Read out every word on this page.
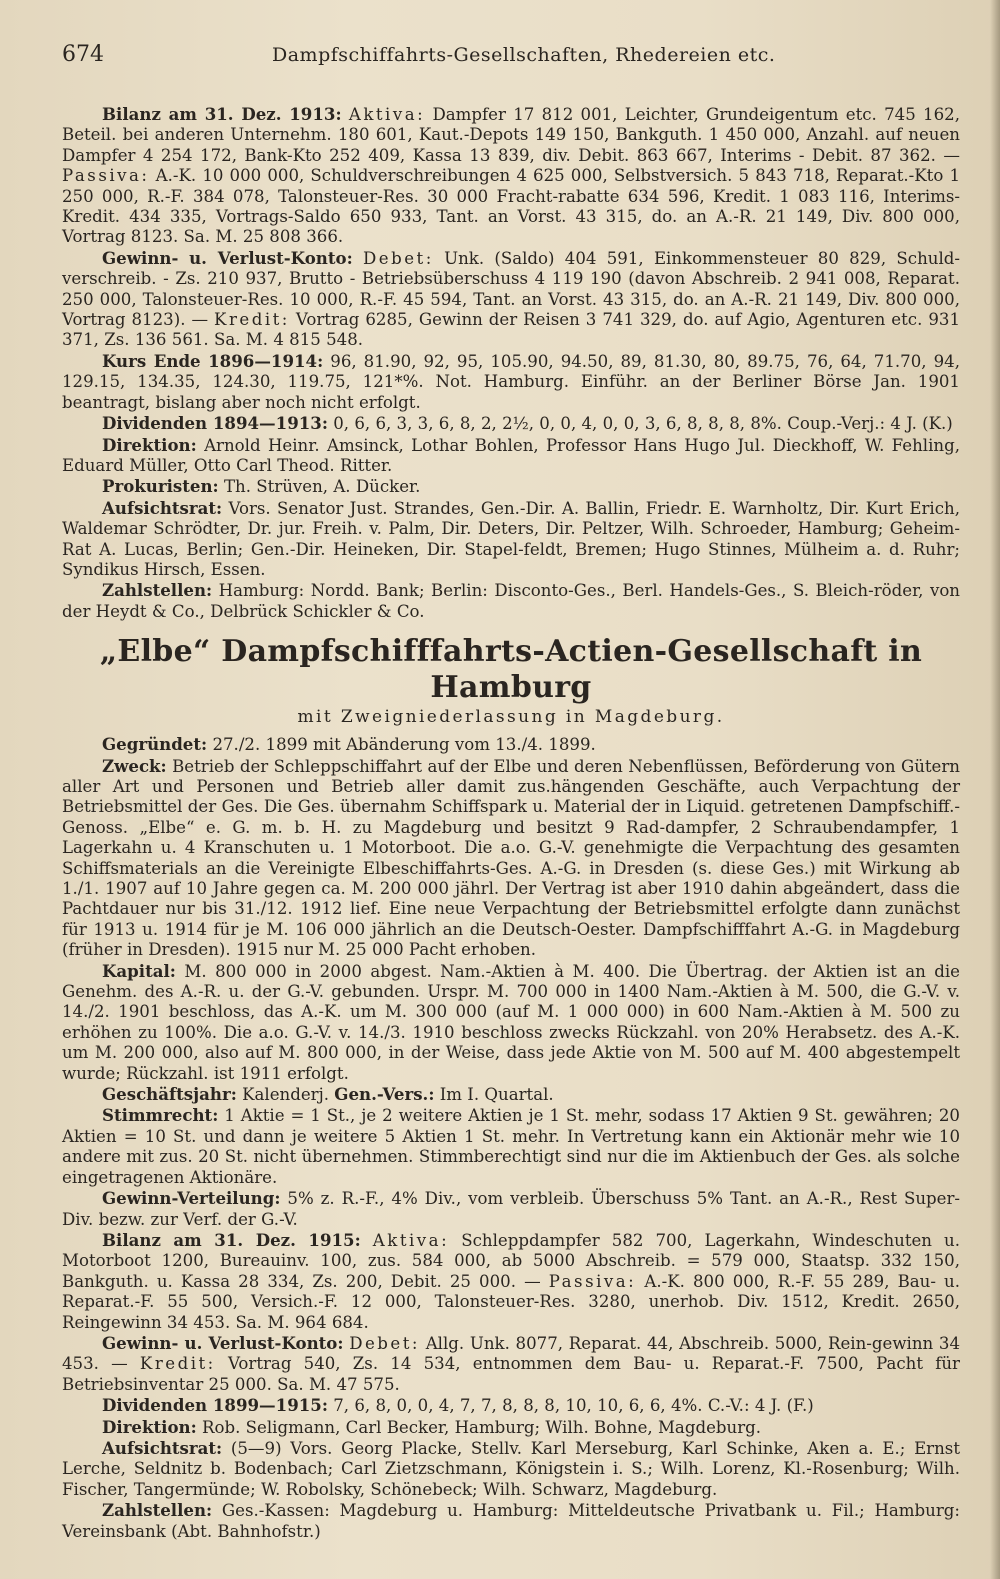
674	Dampfschiffahrts-Gesellschaften, Rhedereien etc.

Bilanz am 31. Dez. 1913: Aktiva: Dampfer 17 812 001, Leichter, Grundeigentum etc. 745 162, Beteil. bei anderen Unternehm. 180 601, Kaut.-Depots 149 150, Bankguth. 1 450 000, Anzahl. auf neuen Dampfer 4 254 172, Bank-Kto 252 409, Kassa 13 839, div. Debit. 863 667, Interims - Debit. 87 362. — Passiva: A.-K. 10 000 000, Schuldverschreibungen 4 625 000, Selbstversich. 5 843 718, Reparat.-Kto 1 250 000, R.-F. 384 078, Talonsteuer-Res. 30 000 Fracht-rabatte 634 596, Kredit. 1 083 116, Interims-Kredit. 434 335, Vortrags-Saldo 650 933, Tant. an Vorst. 43 315, do. an A.-R. 21 149, Div. 800 000, Vortrag 8123. Sa. M. 25 808 366.

Gewinn- u. Verlust-Konto: Debet: Unk. (Saldo) 404 591, Einkommensteuer 80 829, Schuld-verschreib. - Zs. 210 937, Brutto - Betriebsüberschuss 4 119 190 (davon Abschreib. 2 941 008, Reparat. 250 000, Talonsteuer-Res. 10 000, R.-F. 45 594, Tant. an Vorst. 43 315, do. an A.-R. 21 149, Div. 800 000, Vortrag 8123). — Kredit: Vortrag 6285, Gewinn der Reisen 3 741 329, do. auf Agio, Agenturen etc. 931 371, Zs. 136 561. Sa. M. 4 815 548.

Kurs Ende 1896—1914: 96, 81.90, 92, 95, 105.90, 94.50, 89, 81.30, 80, 89.75, 76, 64, 71.70, 94, 129.15, 134.35, 124.30, 119.75, 121*%. Not. Hamburg. Einführ. an der Berliner Börse Jan. 1901 beantragt, bislang aber noch nicht erfolgt.

Dividenden 1894—1913: 0, 6, 6, 3, 3, 6, 8, 2, 2½, 0, 0, 4, 0, 0, 3, 6, 8, 8, 8, 8%. Coup.-Verj.: 4 J. (K.)

Direktion: Arnold Heinr. Amsinck, Lothar Bohlen, Professor Hans Hugo Jul. Dieckhoff, W. Fehling, Eduard Müller, Otto Carl Theod. Ritter.

Prokuristen: Th. Strüven, A. Dücker.

Aufsichtsrat: Vors. Senator Just. Strandes, Gen.-Dir. A. Ballin, Friedr. E. Warnholtz, Dir. Kurt Erich, Waldemar Schrödter, Dr. jur. Freih. v. Palm, Dir. Deters, Dir. Peltzer, Wilh. Schroeder, Hamburg; Geheim-Rat A. Lucas, Berlin; Gen.-Dir. Heineken, Dir. Stapel-feldt, Bremen; Hugo Stinnes, Mülheim a. d. Ruhr; Syndikus Hirsch, Essen.

Zahlstellen: Hamburg: Nordd. Bank; Berlin: Disconto-Ges., Berl. Handels-Ges., S. Bleich-röder, von der Heydt & Co., Delbrück Schickler & Co.

„Elbe“ Dampfschifffahrts-Actien-Gesellschaft in Hamburg

mit Zweigniederlassung in Magdeburg.

Gegründet: 27./2. 1899 mit Abänderung vom 13./4. 1899.

Zweck: Betrieb der Schleppschiffahrt auf der Elbe und deren Nebenflüssen, Beförderung von Gütern aller Art und Personen und Betrieb aller damit zus.hängenden Geschäfte, auch Verpachtung der Betriebsmittel der Ges. Die Ges. übernahm Schiffspark u. Material der in Liquid. getretenen Dampfschiff.-Genoss. „Elbe“ e. G. m. b. H. zu Magdeburg und besitzt 9 Rad-dampfer, 2 Schraubendampfer, 1 Lagerkahn u. 4 Kranschuten u. 1 Motorboot. Die a.o. G.-V. genehmigte die Verpachtung des gesamten Schiffsmaterials an die Vereinigte Elbeschiffahrts-Ges. A.-G. in Dresden (s. diese Ges.) mit Wirkung ab 1./1. 1907 auf 10 Jahre gegen ca. M. 200 000 jährl. Der Vertrag ist aber 1910 dahin abgeändert, dass die Pachtdauer nur bis 31./12. 1912 lief. Eine neue Verpachtung der Betriebsmittel erfolgte dann zunächst für 1913 u. 1914 für je M. 106 000 jährlich an die Deutsch-Oester. Dampfschifffahrt A.-G. in Magdeburg (früher in Dresden). 1915 nur M. 25 000 Pacht erhoben.

Kapital: M. 800 000 in 2000 abgest. Nam.-Aktien à M. 400. Die Übertrag. der Aktien ist an die Genehm. des A.-R. u. der G.-V. gebunden. Urspr. M. 700 000 in 1400 Nam.-Aktien à M. 500, die G.-V. v. 14./2. 1901 beschloss, das A.-K. um M. 300 000 (auf M. 1 000 000) in 600 Nam.-Aktien à M. 500 zu erhöhen zu 100%. Die a.o. G.-V. v. 14./3. 1910 beschloss zwecks Rückzahl. von 20% Herabsetz. des A.-K. um M. 200 000, also auf M. 800 000, in der Weise, dass jede Aktie von M. 500 auf M. 400 abgestempelt wurde; Rückzahl. ist 1911 erfolgt.

Geschäftsjahr: Kalenderj. Gen.-Vers.: Im I. Quartal.

Stimmrecht: 1 Aktie = 1 St., je 2 weitere Aktien je 1 St. mehr, sodass 17 Aktien 9 St. gewähren; 20 Aktien = 10 St. und dann je weitere 5 Aktien 1 St. mehr. In Vertretung kann ein Aktionär mehr wie 10 andere mit zus. 20 St. nicht übernehmen. Stimmberechtigt sind nur die im Aktienbuch der Ges. als solche eingetragenen Aktionäre.

Gewinn-Verteilung: 5% z. R.-F., 4% Div., vom verbleib. Überschuss 5% Tant. an A.-R., Rest Super-Div. bezw. zur Verf. der G.-V.

Bilanz am 31. Dez. 1915: Aktiva: Schleppdampfer 582 700, Lagerkahn, Windeschuten u. Motorboot 1200, Bureauinv. 100, zus. 584 000, ab 5000 Abschreib. = 579 000, Staatsp. 332 150, Bankguth. u. Kassa 28 334, Zs. 200, Debit. 25 000. — Passiva: A.-K. 800 000, R.-F. 55 289, Bau- u. Reparat.-F. 55 500, Versich.-F. 12 000, Talonsteuer-Res. 3280, unerhob. Div. 1512, Kredit. 2650, Reingewinn 34 453. Sa. M. 964 684.

Gewinn- u. Verlust-Konto: Debet: Allg. Unk. 8077, Reparat. 44, Abschreib. 5000, Rein-gewinn 34 453. — Kredit: Vortrag 540, Zs. 14 534, entnommen dem Bau- u. Reparat.-F. 7500, Pacht für Betriebsinventar 25 000. Sa. M. 47 575.

Dividenden 1899—1915: 7, 6, 8, 0, 0, 4, 7, 7, 8, 8, 8, 10, 10, 6, 6, 4%. C.-V.: 4 J. (F.)

Direktion: Rob. Seligmann, Carl Becker, Hamburg; Wilh. Bohne, Magdeburg.

Aufsichtsrat: (5—9) Vors. Georg Placke, Stellv. Karl Merseburg, Karl Schinke, Aken a. E.; Ernst Lerche, Seldnitz b. Bodenbach; Carl Zietzschmann, Königstein i. S.; Wilh. Lorenz, Kl.-Rosenburg; Wilh. Fischer, Tangermünde; W. Robolsky, Schönebeck; Wilh. Schwarz, Magdeburg.

Zahlstellen: Ges.-Kassen: Magdeburg u. Hamburg: Mitteldeutsche Privatbank u. Fil.; Hamburg: Vereinsbank (Abt. Bahnhofstr.)
